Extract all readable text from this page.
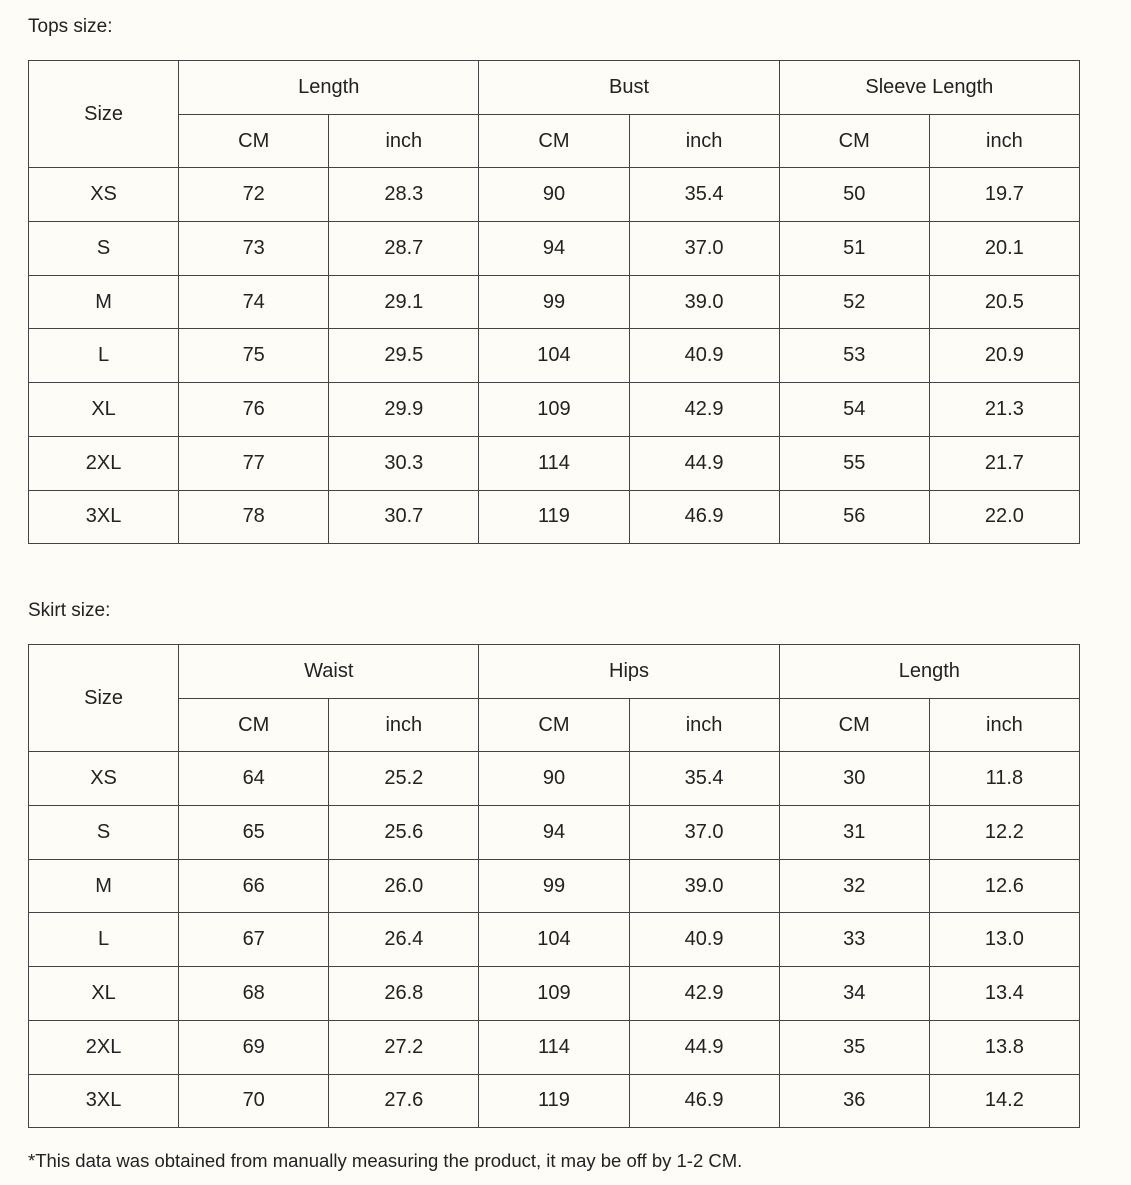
Tops size:
Size	Length		Bust		Sleeve Length	
	CM	inch	CM	inch	CM	inch
XS	72	28.3	90	35.4	50	19.7
S	73	28.7	94	37.0	51	20.1
M	74	29.1	99	39.0	52	20.5
L	75	29.5	104	40.9	53	20.9
XL	76	29.9	109	42.9	54	21.3
2XL	77	30.3	114	44.9	55	21.7
3XL	78	30.7	119	46.9	56	22.0
Skirt size:
Size	Waist		Hips		Length	
	CM	inch	CM	inch	CM	inch
XS	64	25.2	90	35.4	30	11.8
S	65	25.6	94	37.0	31	12.2
M	66	26.0	99	39.0	32	12.6
L	67	26.4	104	40.9	33	13.0
XL	68	26.8	109	42.9	34	13.4
2XL	69	27.2	114	44.9	35	13.8
3XL	70	27.6	119	46.9	36	14.2

*This data was obtained from manually measuring the product, it may be off by 1-2 CM.
